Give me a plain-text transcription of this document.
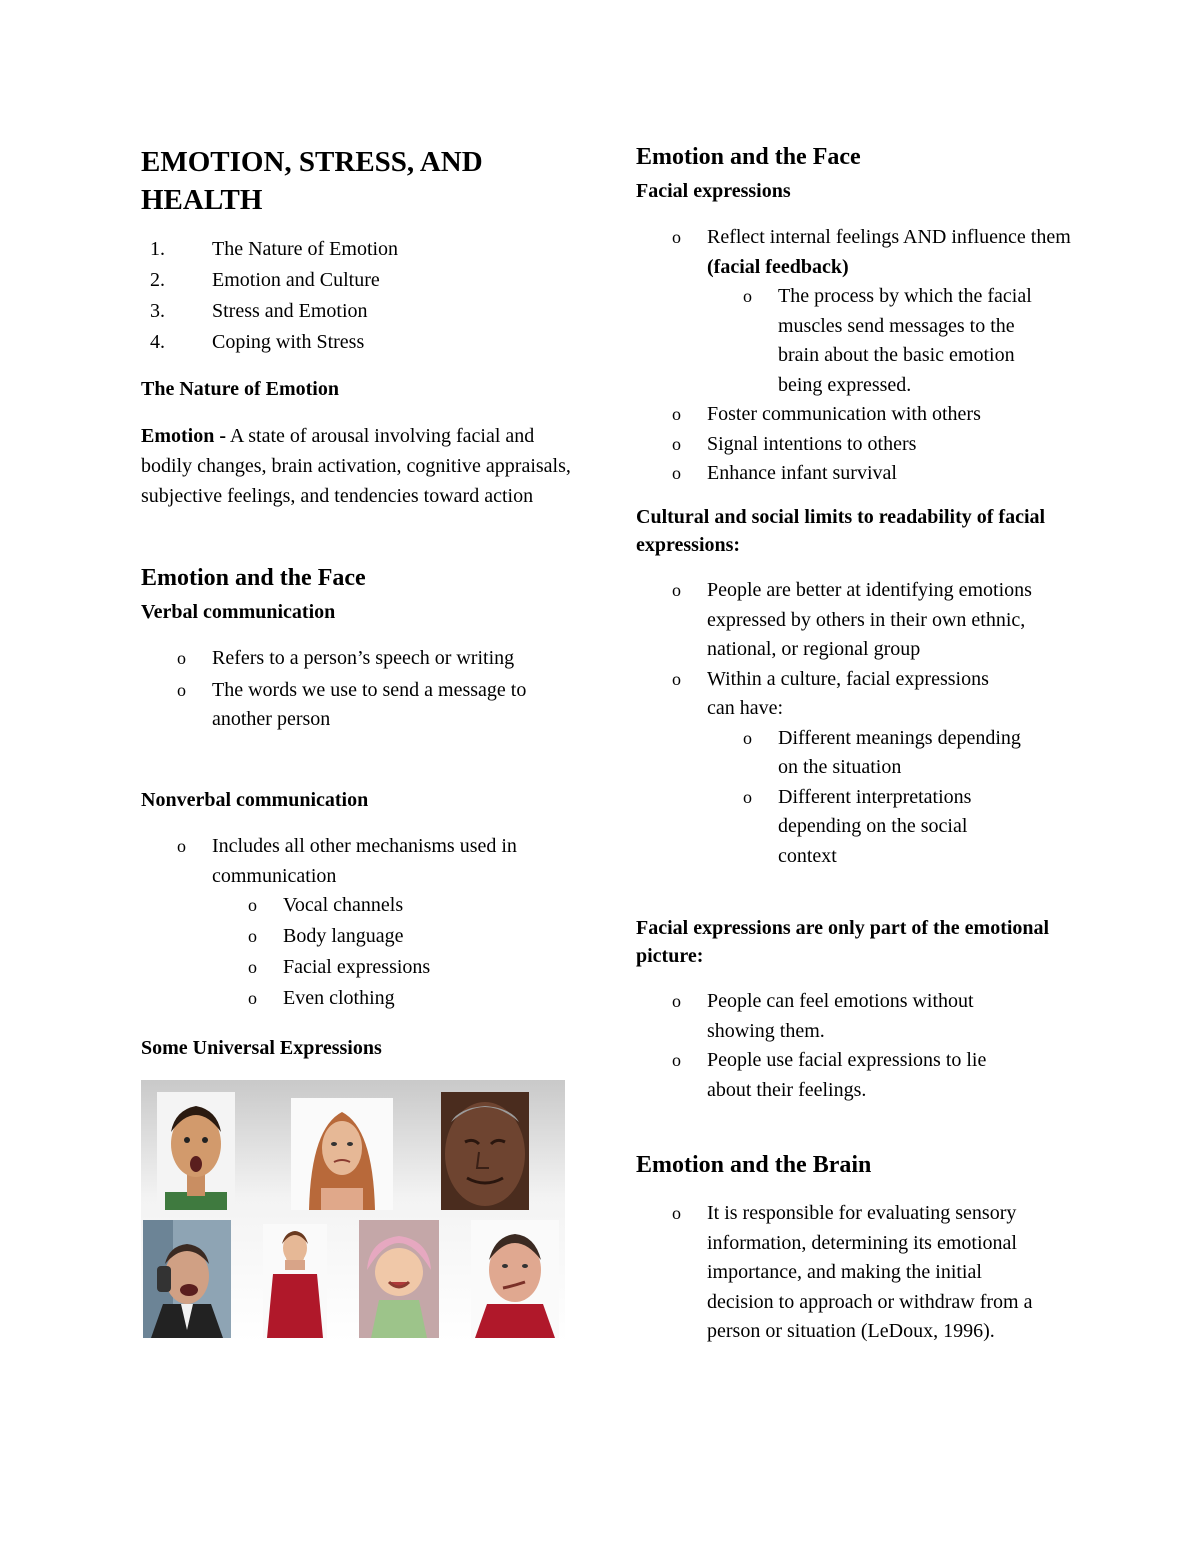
EMOTION, STRESS, AND HEALTH
1. The Nature of Emotion
2. Emotion and Culture
3. Stress and Emotion
4. Coping with Stress
The Nature of Emotion

Emotion - A state of arousal involving facial and bodily changes, brain activation, cognitive appraisals, subjective feelings, and tendencies toward action

Emotion and the Face
Verbal communication
o Refers to a person’s speech or writing
o The words we use to send a message to another person
Nonverbal communication
o Includes all other mechanisms used in communication
o Vocal channels
o Body language
o Facial expressions
o Even clothing
Some Universal Expressions
Emotion and the Face
Facial expressions
o Reflect internal feelings AND influence them (facial feedback)
o The process by which the facial muscles send messages to the brain about the basic emotion being expressed.
o Foster communication with others
o Signal intentions to others
o Enhance infant survival
Cultural and social limits to readability of facial expressions:
o People are better at identifying emotions expressed by others in their own ethnic, national, or regional group
o Within a culture, facial expressions can have:
o Different meanings depending on the situation
o Different interpretations depending on the social context
Facial expressions are only part of the emotional picture:
o People can feel emotions without showing them.
o People use facial expressions to lie about their feelings.
Emotion and the Brain
o It is responsible for evaluating sensory information, determining its emotional importance, and making the initial decision to approach or withdraw from a person or situation (LeDoux, 1996).
